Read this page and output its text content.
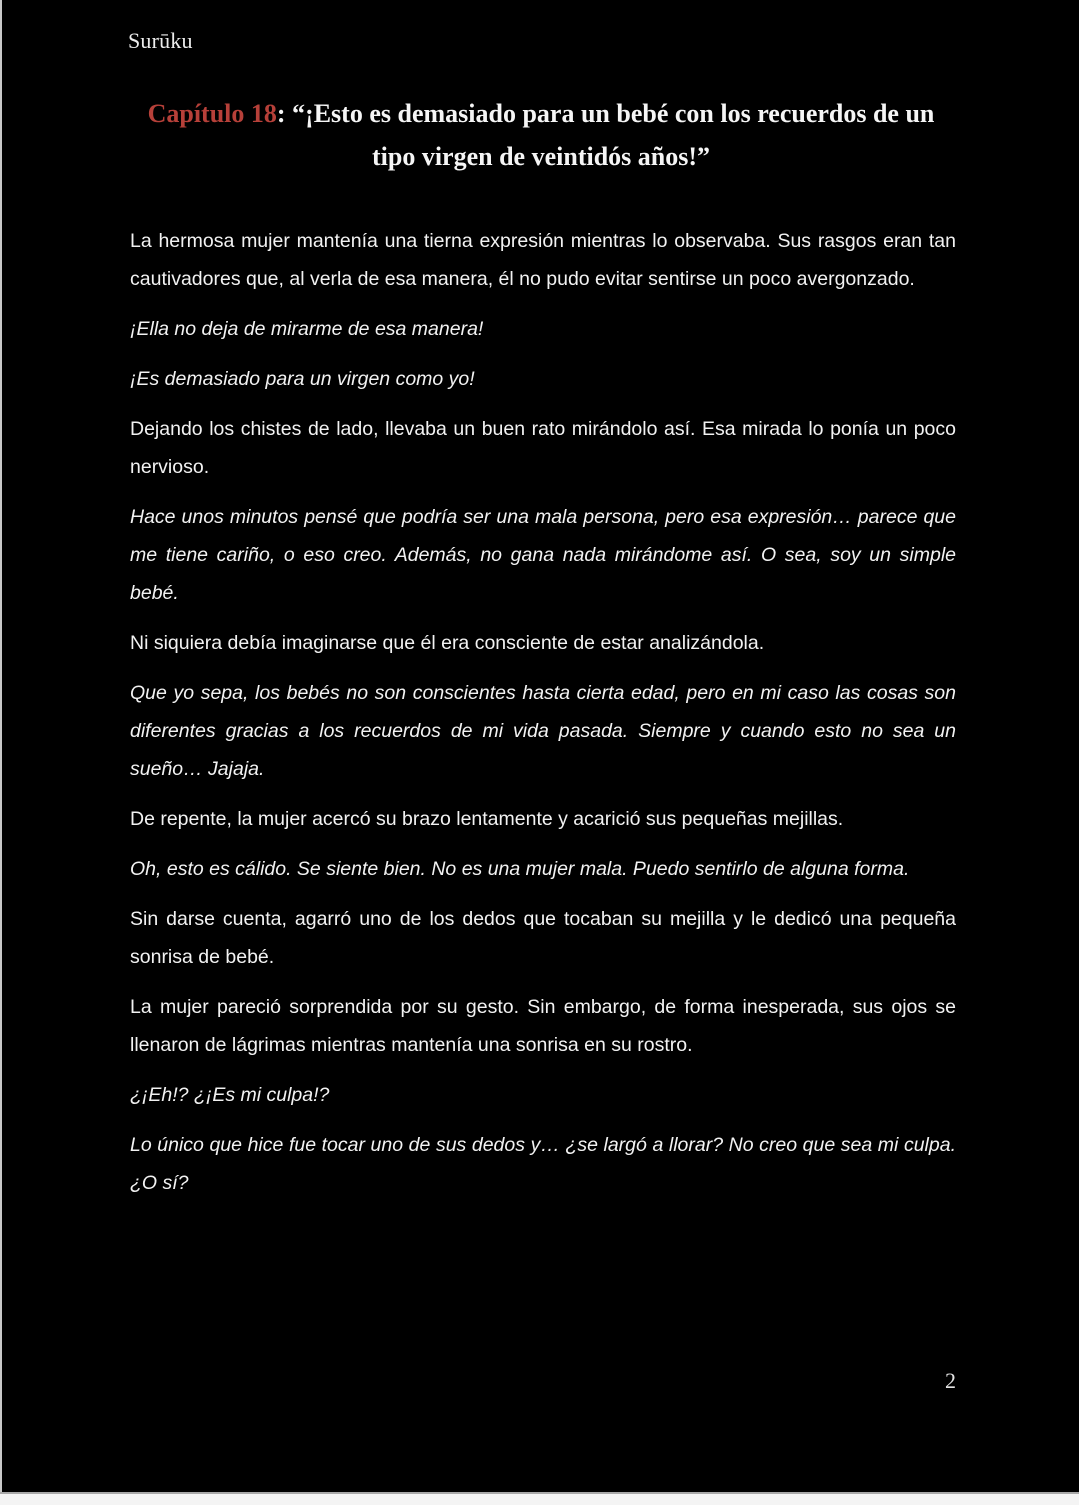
Surūku
Capítulo 18: “¡Esto es demasiado para un bebé con los recuerdos de un tipo virgen de veintidós años!”

La hermosa mujer mantenía una tierna expresión mientras lo observaba. Sus rasgos eran tan cautivadores que, al verla de esa manera, él no pudo evitar sentirse un poco avergonzado.

¡Ella no deja de mirarme de esa manera!

¡Es demasiado para un virgen como yo!

Dejando los chistes de lado, llevaba un buen rato mirándolo así. Esa mirada lo ponía un poco nervioso.

Hace unos minutos pensé que podría ser una mala persona, pero esa expresión… parece que me tiene cariño, o eso creo. Además, no gana nada mirándome así. O sea, soy un simple bebé.

Ni siquiera debía imaginarse que él era consciente de estar analizándola.

Que yo sepa, los bebés no son conscientes hasta cierta edad, pero en mi caso las cosas son diferentes gracias a los recuerdos de mi vida pasada. Siempre y cuando esto no sea un sueño… Jajaja.

De repente, la mujer acercó su brazo lentamente y acarició sus pequeñas mejillas.

Oh, esto es cálido. Se siente bien. No es una mujer mala. Puedo sentirlo de alguna forma.

Sin darse cuenta, agarró uno de los dedos que tocaban su mejilla y le dedicó una pequeña sonrisa de bebé.

La mujer pareció sorprendida por su gesto. Sin embargo, de forma inesperada, sus ojos se llenaron de lágrimas mientras mantenía una sonrisa en su rostro.

¿¡Eh!? ¿¡Es mi culpa!?

Lo único que hice fue tocar uno de sus dedos y… ¿se largó a llorar? No creo que sea mi culpa. ¿O sí?

2
